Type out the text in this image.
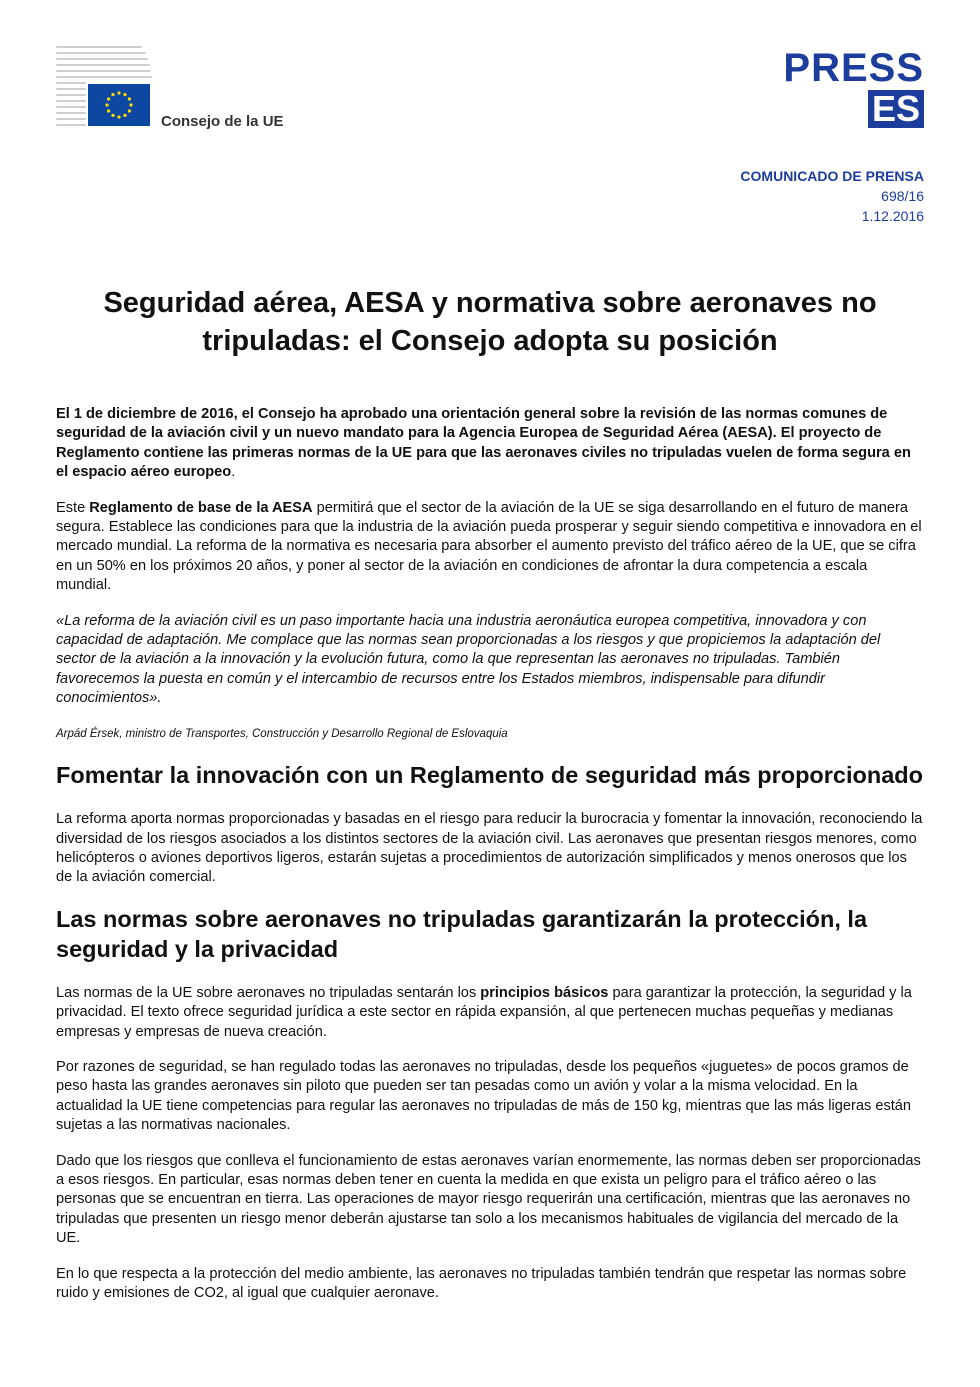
Consejo de la UE
PRESS
ES
COMUNICADO DE PRENSA
698/16
1.12.2016
Seguridad aérea, AESA y normativa sobre aeronaves no tripuladas: el Consejo adopta su posición

El 1 de diciembre de 2016, el Consejo ha aprobado una orientación general sobre la revisión de las normas comunes de seguridad de la aviación civil y un nuevo mandato para la Agencia Europea de Seguridad Aérea (AESA). El proyecto de Reglamento contiene las primeras normas de la UE para que las aeronaves civiles no tripuladas vuelen de forma segura en el espacio aéreo europeo.

Este Reglamento de base de la AESA permitirá que el sector de la aviación de la UE se siga desarrollando en el futuro de manera segura. Establece las condiciones para que la industria de la aviación pueda prosperar y seguir siendo competitiva e innovadora en el mercado mundial. La reforma de la normativa es necesaria para absorber el aumento previsto del tráfico aéreo de la UE, que se cifra en un 50% en los próximos 20 años, y poner al sector de la aviación en condiciones de afrontar la dura competencia a escala mundial.

«La reforma de la aviación civil es un paso importante hacia una industria aeronáutica europea competitiva, innovadora y con capacidad de adaptación. Me complace que las normas sean proporcionadas a los riesgos y que propiciemos la adaptación del sector de la aviación a la innovación y la evolución futura, como la que representan las aeronaves no tripuladas. También favorecemos la puesta en común y el intercambio de recursos entre los Estados miembros, indispensable para difundir conocimientos».

Arpád Érsek, ministro de Transportes, Construcción y Desarrollo Regional de Eslovaquia

Fomentar la innovación con un Reglamento de seguridad más proporcionado

La reforma aporta normas proporcionadas y basadas en el riesgo para reducir la burocracia y fomentar la innovación, reconociendo la diversidad de los riesgos asociados a los distintos sectores de la aviación civil. Las aeronaves que presentan riesgos menores, como helicópteros o aviones deportivos ligeros, estarán sujetas a procedimientos de autorización simplificados y menos onerosos que los de la aviación comercial.

Las normas sobre aeronaves no tripuladas garantizarán la protección, la seguridad y la privacidad

Las normas de la UE sobre aeronaves no tripuladas sentarán los principios básicos para garantizar la protección, la seguridad y la privacidad. El texto ofrece seguridad jurídica a este sector en rápida expansión, al que pertenecen muchas pequeñas y medianas empresas y empresas de nueva creación.

Por razones de seguridad, se han regulado todas las aeronaves no tripuladas, desde los pequeños «juguetes» de pocos gramos de peso hasta las grandes aeronaves sin piloto que pueden ser tan pesadas como un avión y volar a la misma velocidad. En la actualidad la UE tiene competencias para regular las aeronaves no tripuladas de más de 150 kg, mientras que las más ligeras están sujetas a las normativas nacionales.

Dado que los riesgos que conlleva el funcionamiento de estas aeronaves varían enormemente, las normas deben ser proporcionadas a esos riesgos. En particular, esas normas deben tener en cuenta la medida en que exista un peligro para el tráfico aéreo o las personas que se encuentran en tierra. Las operaciones de mayor riesgo requerirán una certificación, mientras que las aeronaves no tripuladas que presenten un riesgo menor deberán ajustarse tan solo a los mecanismos habituales de vigilancia del mercado de la UE.

En lo que respecta a la protección del medio ambiente, las aeronaves no tripuladas también tendrán que respetar las normas sobre ruido y emisiones de CO2, al igual que cualquier aeronave.
